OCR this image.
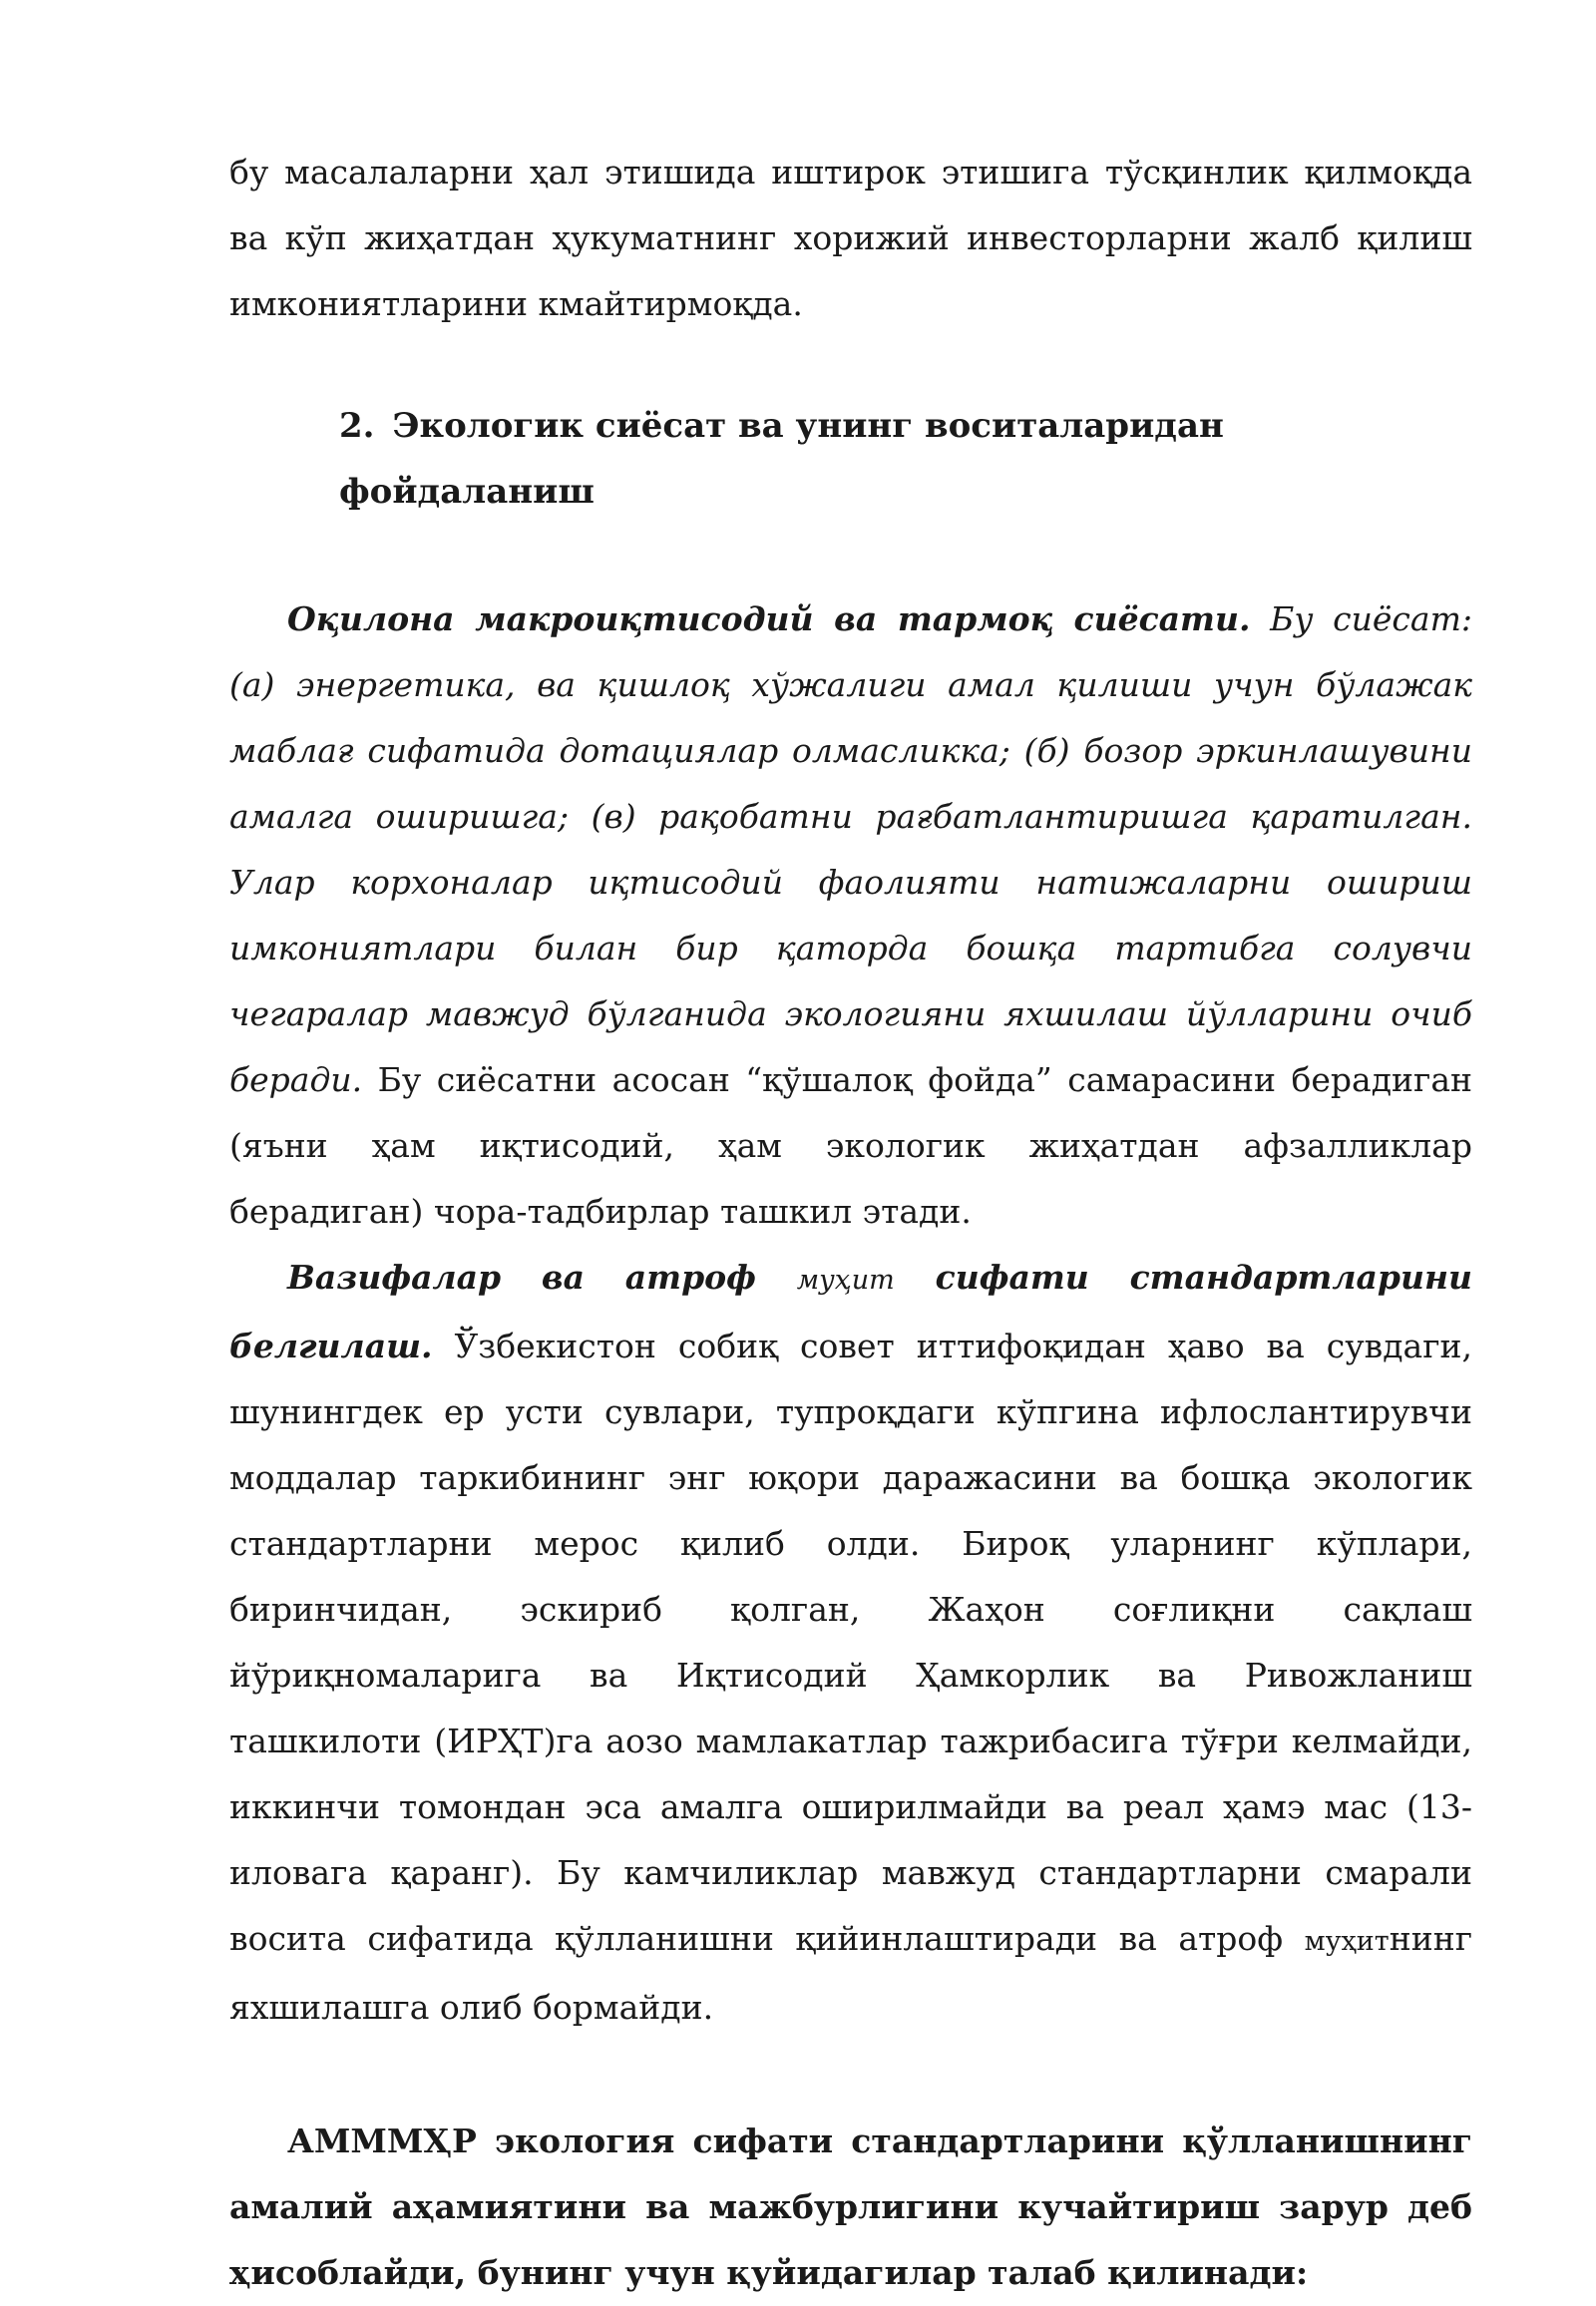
бу масалаларни ҳал этишида иштирок этишига тўсқинлик қилмоқда ва кўп жиҳатдан ҳукуматнинг хорижий инвесторларни жалб қилиш имкониятларини кмайтирмоқда.

2. Экологик сиёсат ва унинг воситаларидан фойдаланиш

Оқилона макроиқтисодий ва тармоқ сиёсати. Бу сиёсат: (а) энергетика, ва қишлоқ хўжалиги амал қилиши учун бўлажак маблағ сифатида дотациялар олмасликка; (б) бозор эркинлашувини амалга оширишга; (в) рақобатни рағбатлантиришга қаратилган. Улар корхоналар иқтисодий фаолияти натижаларни ошириш имкониятлари билан бир қаторда бошқа тартибга солувчи чегаралар мавжуд бўлганида экологияни яхшилаш йўлларини очиб беради. Бу сиёсатни асосан “қўшалоқ фойда” самарасини берадиган (яъни ҳам иқтисодий, ҳам экологик жиҳатдан афзалликлар берадиган) чора-тадбирлар ташкил этади.

Вазифалар ва атроф муҳит сифати стандартларини белгилаш. Ўзбекистон собиқ совет иттифоқидан ҳаво ва сувдаги, шунингдек ер усти сувлари, тупроқдаги кўпгина ифлослантирувчи моддалар таркибининг энг юқори даражасини ва бошқа экологик стандартларни мерос қилиб олди. Бироқ уларнинг кўплари, биринчидан, эскириб қолган, Жаҳон соғлиқни сақлаш йўриқномаларига ва Иқтисодий Ҳамкорлик ва Ривожланиш ташкилоти (ИРҲТ)га аозо мамлакатлар тажрибасига тўғри келмайди, иккинчи томондан эса амалга оширилмайди ва реал ҳамэ мас (13-иловага қаранг). Бу камчиликлар мавжуд стандартларни смарали восита сифатида қўлланишни қийинлаштиради ва атроф муҳитнинг яхшилашга олиб бормайди.

АММMҲР экология сифати стандартларини қўлланишнинг амалий аҳамиятини ва мажбурлигини кучайтириш зарур деб ҳисоблайди, бунинг учун қуйидагилар талаб қилинади:
